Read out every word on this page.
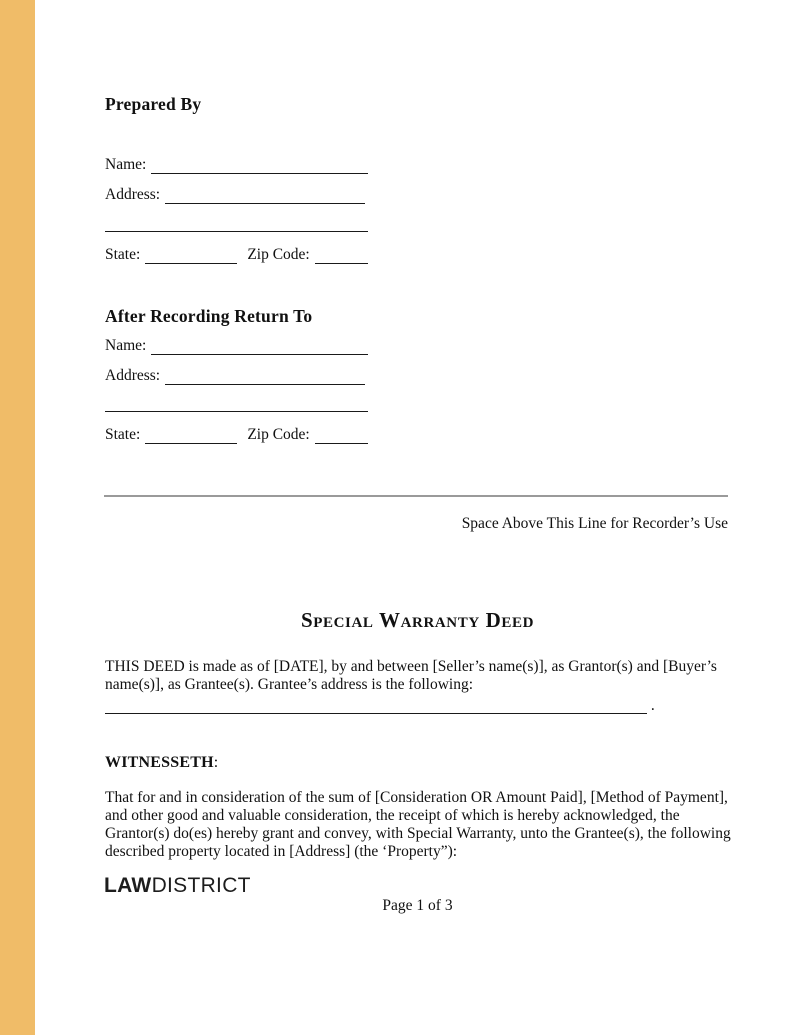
Prepared By
Name:
Address:
State:	Zip Code:
After Recording Return To
Name:
Address:
State:	Zip Code:
Space Above This Line for Recorder’s Use
Special Warranty Deed
THIS DEED is made as of [DATE], by and between [Seller’s name(s)], as Grantor(s) and [Buyer’s name(s)], as Grantee(s). Grantee’s address is the following:
.
WITNESSETH:
That for and in consideration of the sum of [Consideration OR Amount Paid], [Method of Payment], and other good and valuable consideration, the receipt of which is hereby acknowledged, the Grantor(s) do(es) hereby grant and convey, with Special Warranty, unto the Grantee(s), the following described property located in [Address] (the ‘Property”):
LAWDISTRICT
Page 1 of 3
